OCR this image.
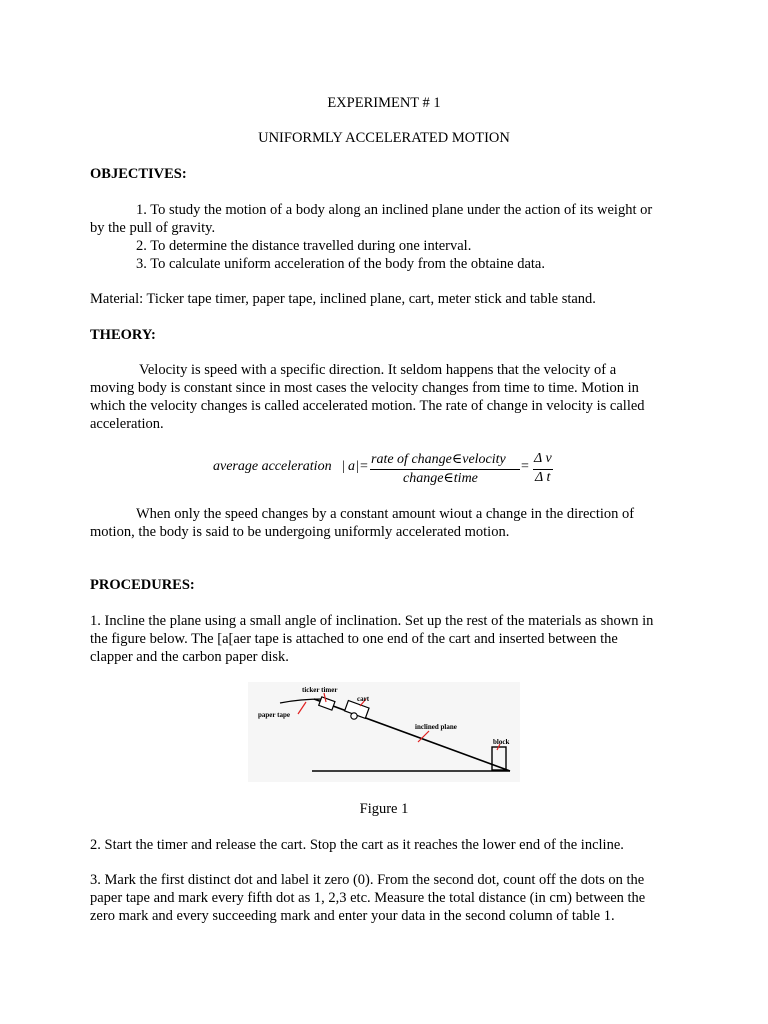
EXPERIMENT # 1
UNIFORMLY ACCELERATED MOTION
OBJECTIVES:
1. To study the motion of a body along an inclined plane under the action of its weight or
by the pull of gravity.
2. To determine the distance travelled during one interval.
3. To calculate uniform acceleration of the body from the obtaine data.
Material: Ticker tape timer, paper tape, inclined plane, cart, meter stick and table stand.
THEORY:
Velocity is speed with a specific direction. It seldom happens that the velocity of a
moving body is constant since in most cases the velocity changes from time to time. Motion in
which the velocity changes is called accelerated motion. The rate of change in velocity is called
acceleration.
average acceleration | a | = rate of change∈velocity
change∈time
=
Δ v
Δ t
When only the speed changes by a constant amount wiout a change in the direction of
motion, the body is said to be undergoing uniformly accelerated motion.
PROCEDURES:
1. Incline the plane using a small angle of inclination. Set up the rest of the materials as shown in
the figure below. The [a[aer tape is attached to one end of the cart and inserted between the
clapper and the carbon paper disk.
ticker timer
cart
paper tape
inclined plane
block
Figure 1
2. Start the timer and release the cart. Stop the cart as it reaches the lower end of the incline.
3. Mark the first distinct dot and label it zero (0). From the second dot, count off the dots on the
paper tape and mark every fifth dot as 1, 2,3 etc. Measure the total distance (in cm) between the
zero mark and every succeeding mark and enter your data in the second column of table 1.
